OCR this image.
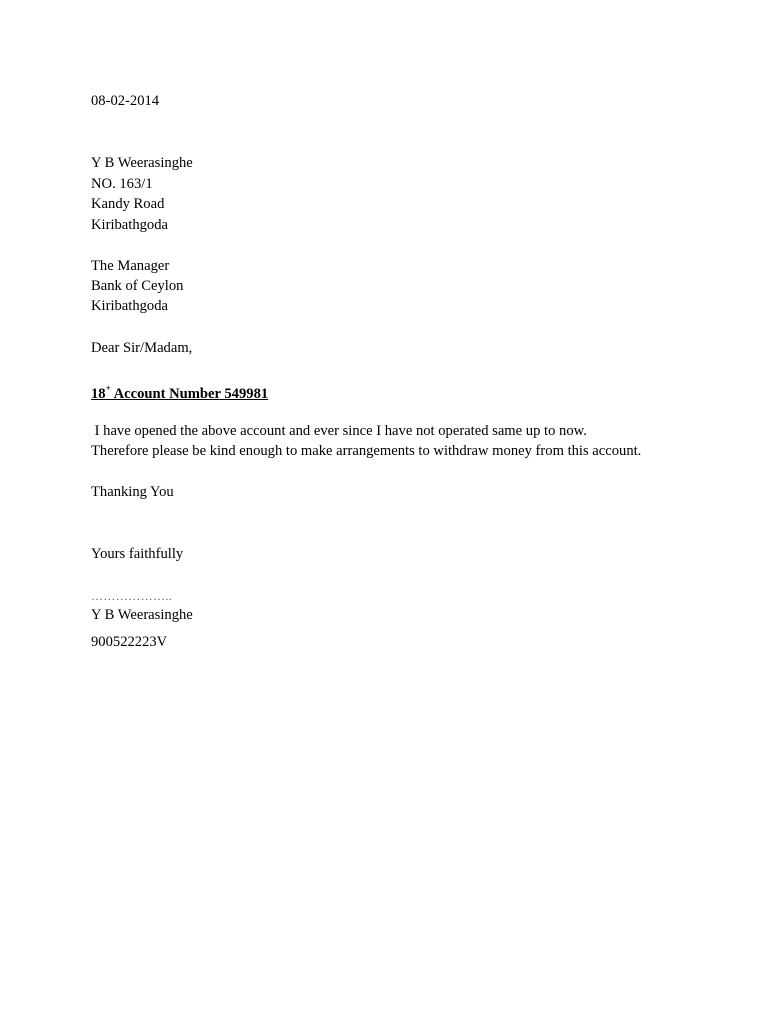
08-02-2014
Y B Weerasinghe
NO. 163/1
Kandy Road
Kiribathgoda
The Manager
Bank of Ceylon
Kiribathgoda
Dear Sir/Madam,
18+ Account Number 549981
I have opened the above account and ever since I have not operated same up to now.
Therefore please be kind enough to make arrangements to withdraw money from this account.
Thanking You
Yours faithfully
………………..
Y B Weerasinghe
900522223V
